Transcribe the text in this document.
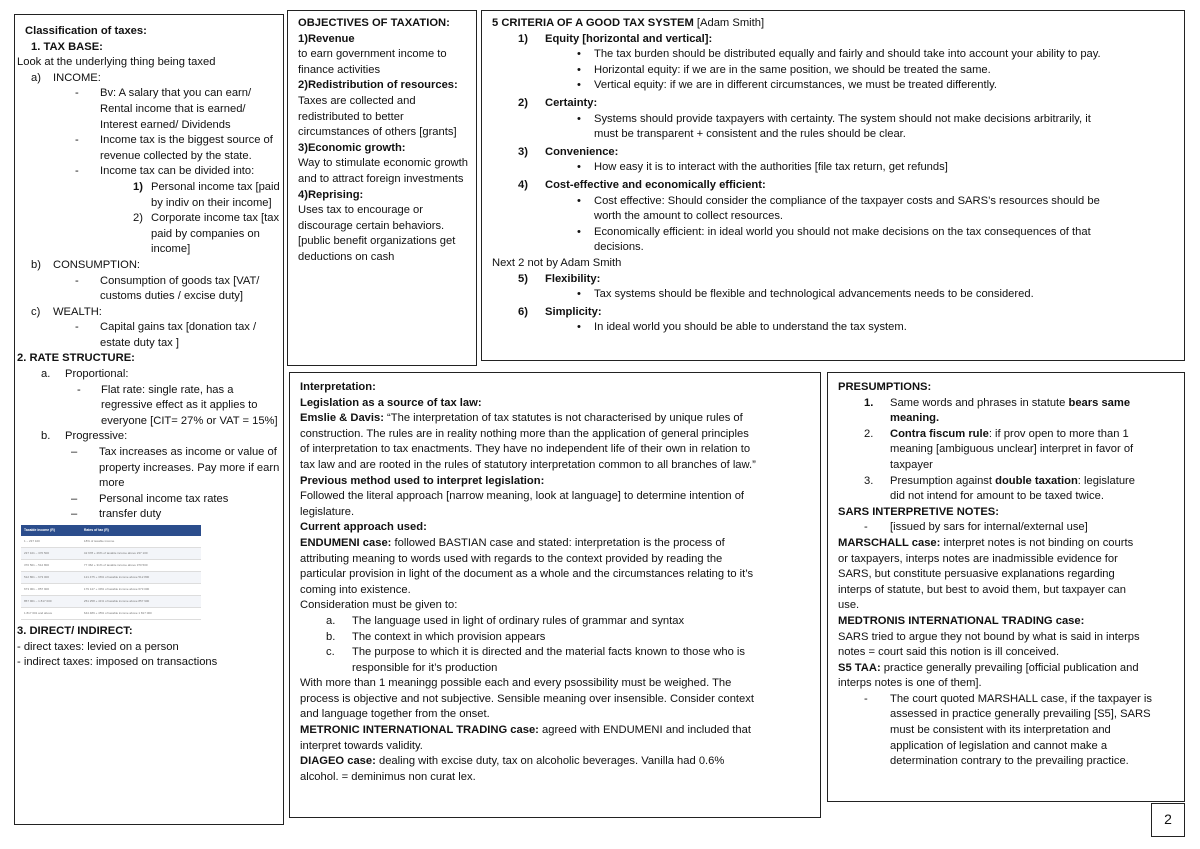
Classification of taxes:
1. TAX BASE:
Look at the underlying thing being taxed
a)	INCOME:
-	Bv: A salary that you can earn/ Rental income that is earned/ Interest earned/ Dividends
-	Income tax is the biggest source of revenue collected by the state.
-	Income tax can be divided into:
1) Personal income tax [paid by indiv on their income]
2) Corporate income tax [tax paid by companies on income]
b)	CONSUMPTION:
-	Consumption of goods tax [VAT/ customs duties / excise duty]
c)	WEALTH:
-	Capital gains tax [donation tax / estate duty tax ]
2. RATE STRUCTURE:
a.	Proportional:
-	Flat rate: single rate, has a regressive effect as it applies to everyone [CIT= 27% or VAT = 15%]
b.	Progressive:
–	Tax increases as income or value of property increases. Pay more if earn more
–	Personal income tax rates
–	transfer duty
Taxable income (R)	Rates of tax (R)
1 – 237 100	18% of taxable income
237 101 – 370 500	42 678 + 26% of taxable income above 237 100
370 501 – 512 800	77 362 + 31% of taxable income above 370 500
512 801 – 673 000	121 475 + 36% of taxable income above 512 800
673 001 – 857 900	179 147 + 39% of taxable income above 673 000
857 901 – 1 817 000	251 258 + 41% of taxable income above 857 900
1 817 001 and above	644 489 + 45% of taxable income above 1 817 000
3. DIRECT/ INDIRECT:
- direct taxes: levied on a person
- indirect taxes: imposed on transactions
OBJECTIVES OF TAXATION:
1)Revenue
to earn government income to finance activities
2)Redistribution of resources:
Taxes are collected and redistributed to better circumstances of others [grants]
3)Economic growth:
Way to stimulate economic growth and to attract foreign investments
4)Reprising:
Uses tax to encourage or discourage certain behaviors. [public benefit organizations get deductions on cash
5 CRITERIA OF A GOOD TAX SYSTEM [Adam Smith]
1)	Equity [horizontal and vertical]:
•	The tax burden should be distributed equally and fairly and should take into account your ability to pay.
•	Horizontal equity: if we are in the same position, we should be treated the same.
•	Vertical equity: if we are in different circumstances, we must be treated differently.
2)	Certainty:
•	Systems should provide taxpayers with certainty. The system should not make decisions arbitrarily, it
must be transparent + consistent and the rules should be clear.
3)	Convenience:
•	How easy it is to interact with the authorities [file tax return, get refunds]
4)	Cost-effective and economically efficient:
•	Cost effective: Should consider the compliance of the taxpayer costs and SARS’s resources should be
worth the amount to collect resources.
•	Economically efficient: in ideal world you should not make decisions on the tax consequences of that
decisions.
Next 2 not by Adam Smith
5)	Flexibility:
•	Tax systems should be flexible and technological advancements needs to be considered.
6)	Simplicity:
•	In ideal world you should be able to understand the tax system.
Interpretation:
Legislation as a source of tax law:
Emslie & Davis: “The interpretation of tax statutes is not characterised by unique rules of
construction. The rules are in reality nothing more than the application of general principles
of interpretation to tax enactments. They have no independent life of their own in relation to
tax law and are rooted in the rules of statutory interpretation common to all branches of law.”
Previous method used to interpret legislation:
Followed the literal approach [narrow meaning, look at language] to determine intention of
legislature.
Current approach used:
ENDUMENI case: followed BASTIAN case and stated: interpretation is the process of
attributing meaning to words used with regards to the context provided by reading the
particular provision in light of the document as a whole and the circumstances relating to it’s
coming into existence.
Consideration must be given to:
a.	The language used in light of ordinary rules of grammar and syntax
b.	The context in which provision appears
c.	The purpose to which it is directed and the material facts known to those who is
responsible for it’s production
With more than 1 meaningg possible each and every psossibility must be weighed. The
process is objective and not subjective. Sensible meaning over insensible. Consider context
and language together from the onset.
METRONIC INTERNATIONAL TRADING case: agreed with ENDUMENI and included that
interpret towards validity.
DIAGEO case: dealing with excise duty, tax on alcoholic beverages. Vanilla had 0.6%
alcohol. = deminimus non curat lex.
PRESUMPTIONS:
1.	Same words and phrases in statute bears same
meaning.
2.	Contra fiscum rule: if prov open to more than 1
meaning [ambiguous unclear] interpret in favor of
taxpayer
3.	Presumption against double taxation: legislature
did not intend for amount to be taxed twice.
SARS INTERPRETIVE NOTES:
-	[issued by sars for internal/external use]
MARSCHALL case: interpret notes is not binding on courts
or taxpayers, interps notes are inadmissible evidence for
SARS, but constitute persuasive explanations regarding
interps of statute, but best to avoid them, but taxpayer can
use.
MEDTRONIS INTERNATIONAL TRADING case:
SARS tried to argue they not bound by what is said in interps
notes = court said this notion is ill conceived.
S5 TAA: practice generally prevailing [official publication and
interps notes is one of them].
-	The court quoted MARSHALL case, if the taxpayer is
assessed in practice generally prevailing [S5], SARS
must be consistent with its interpretation and
application of legislation and cannot make a
determination contrary to the prevailing practice.
2
